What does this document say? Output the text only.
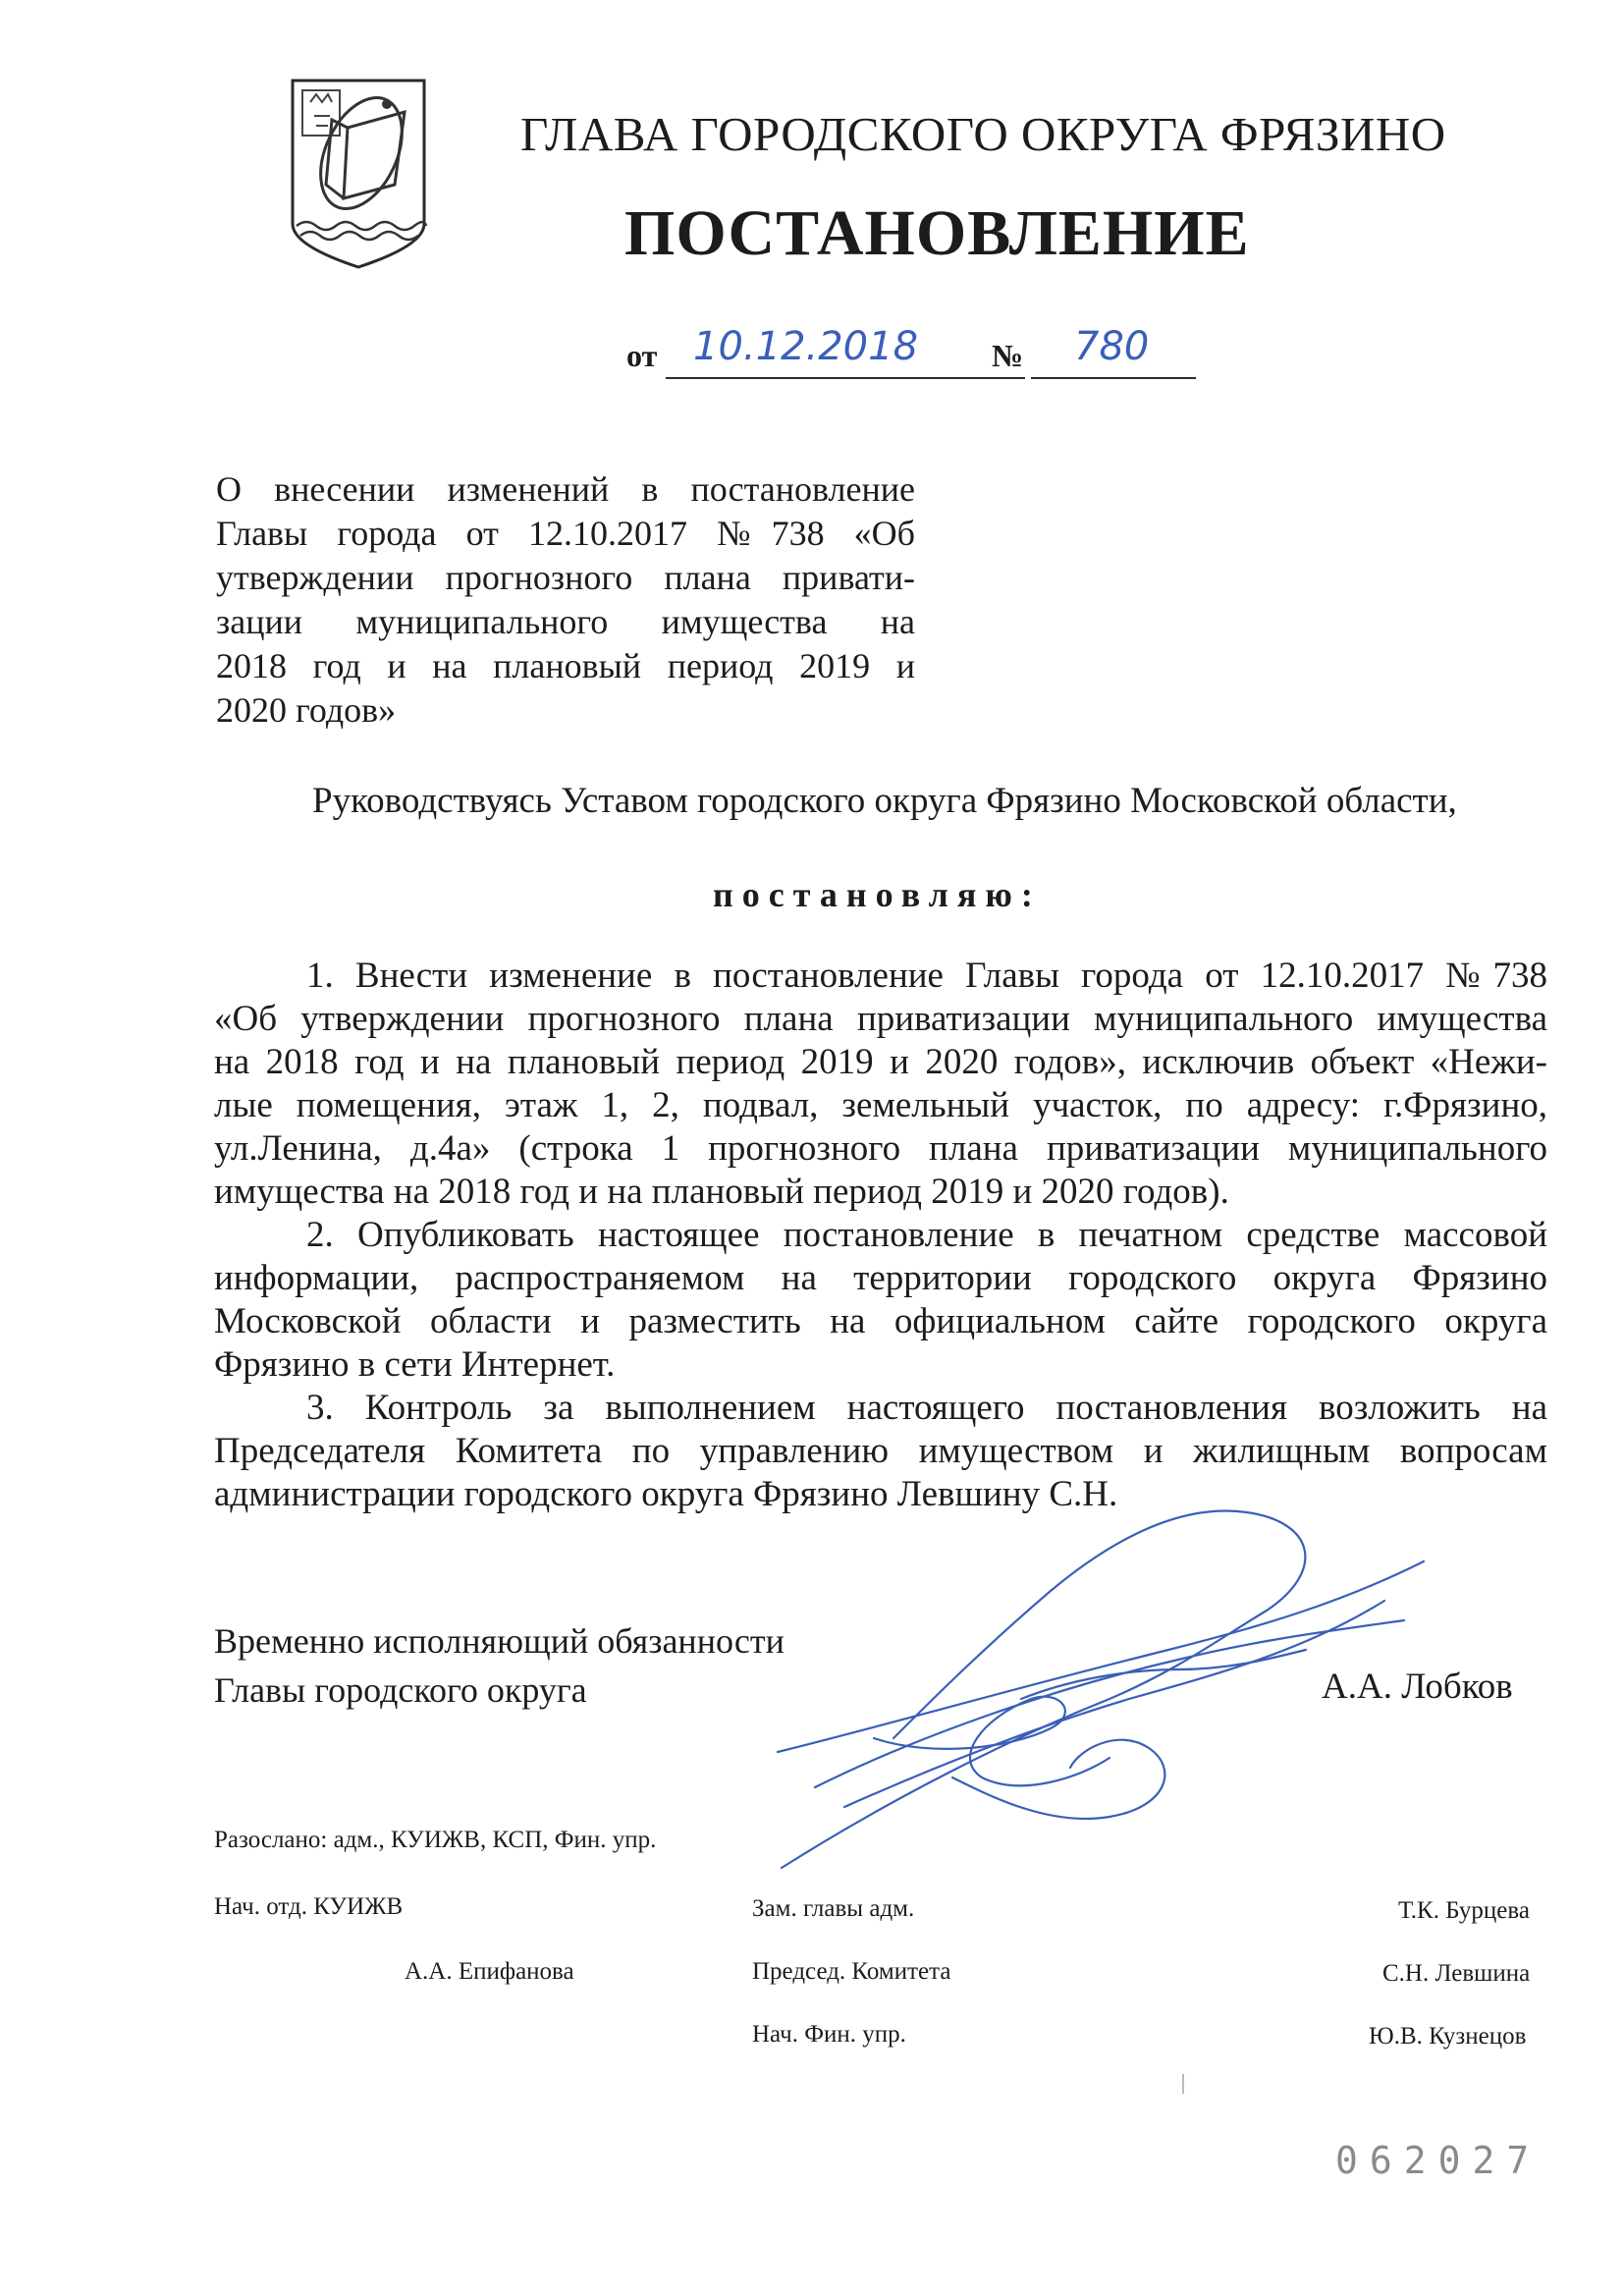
ГЛАВА ГОРОДСКОГО ОКРУГА ФРЯЗИНО
ПОСТАНОВЛЕНИЕ
от 10.12.2018 № 780
О внесении изменений в постановление
Главы города от 12.10.2017 №738 «Об
утверждении прогнозного плана привати-
зации муниципального имущества на
2018 год и на плановый период 2019 и
2020 годов»
Руководствуясь Уставом городского округа Фрязино Московской области,
постановляю:
1. Внести изменение в постановление Главы города от 12.10.2017 №738
«Об утверждении прогнозного плана приватизации муниципального имущества
на 2018 год и на плановый период 2019 и 2020 годов», исключив объект «Нежи-
лые помещения, этаж 1, 2, подвал, земельный участок, по адресу: г.Фрязино,
ул.Ленина, д.4а» (строка 1 прогнозного плана приватизации муниципального
имущества на 2018 год и на плановый период 2019 и 2020 годов).
2. Опубликовать настоящее постановление в печатном средстве массовой
информации, распространяемом на территории городского округа Фрязино
Московской области и разместить на официальном сайте городского округа
Фрязино в сети Интернет.
3. Контроль за выполнением настоящего постановления возложить на
Председателя Комитета по управлению имуществом и жилищным вопросам
администрации городского округа Фрязино Левшину С.Н.
Временно исполняющий обязанности
Главы городского округа	А.А. Лобков
Разослано: адм., КУИЖВ, КСП, Фин. упр.
Нач. отд. КУИЖВ
А.А. Епифанова
Зам. главы адм.
Председ. Комитета
Нач. Фин. упр.
Т.К. Бурцева
С.Н. Левшина
Ю.В. Кузнецов
062027
